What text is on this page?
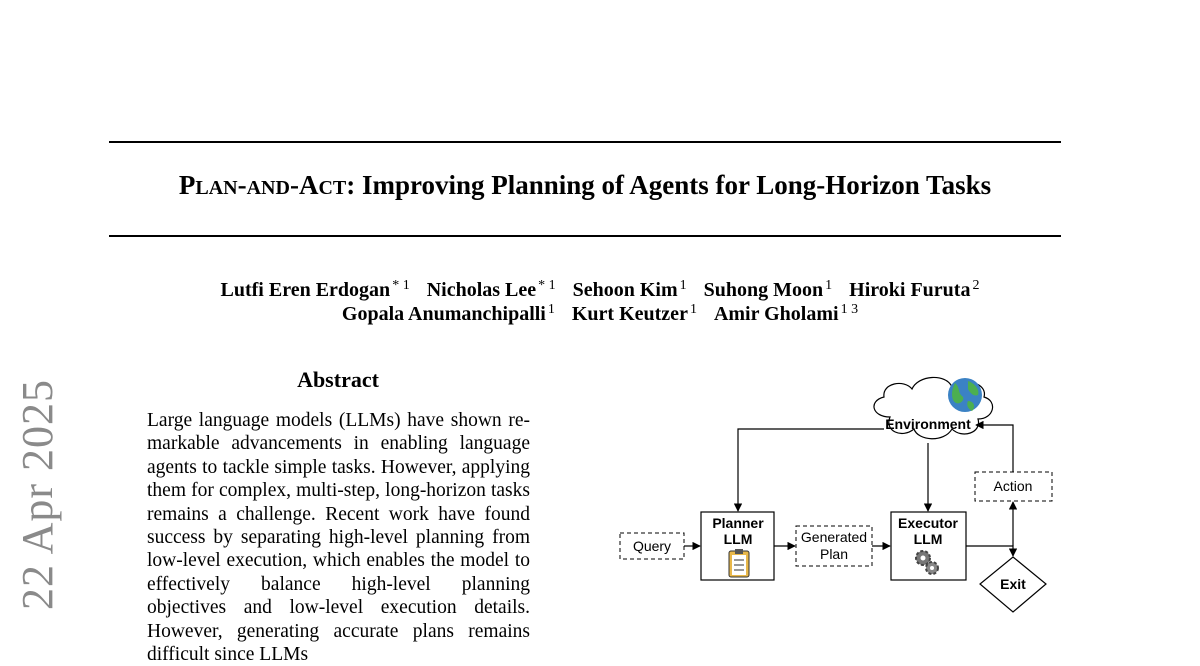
PLAN-AND-ACT: Improving Planning of Agents for Long-Horizon Tasks
Lutfi Eren Erdogan $^{* 1}$ Nicholas Lee $^{* 1}$ Sehoon Kim $^1$ Suhong Moon $^1$ Hiroki Furuta $^2$
Gopala Anumanchipalli $^1$ Kurt Keutzer $^1$ Amir Gholami $^{1 3}$
Abstract
Large language models (LLMs) have shown remarkable advancements in enabling language agents to tackle simple tasks. However, applying them for complex, multi-step, long-horizon tasks remains a challenge. Recent work have found success by separating high-level planning from low-level execution, which enables the model to effectively balance high-level planning objectives and low-level execution details. However, generating accurate plans remains difficult since LLMs
22 Apr 2025	Environment
Query
Planner
LLM	Generated
Plan
Executor
LLM
Action
Exit
